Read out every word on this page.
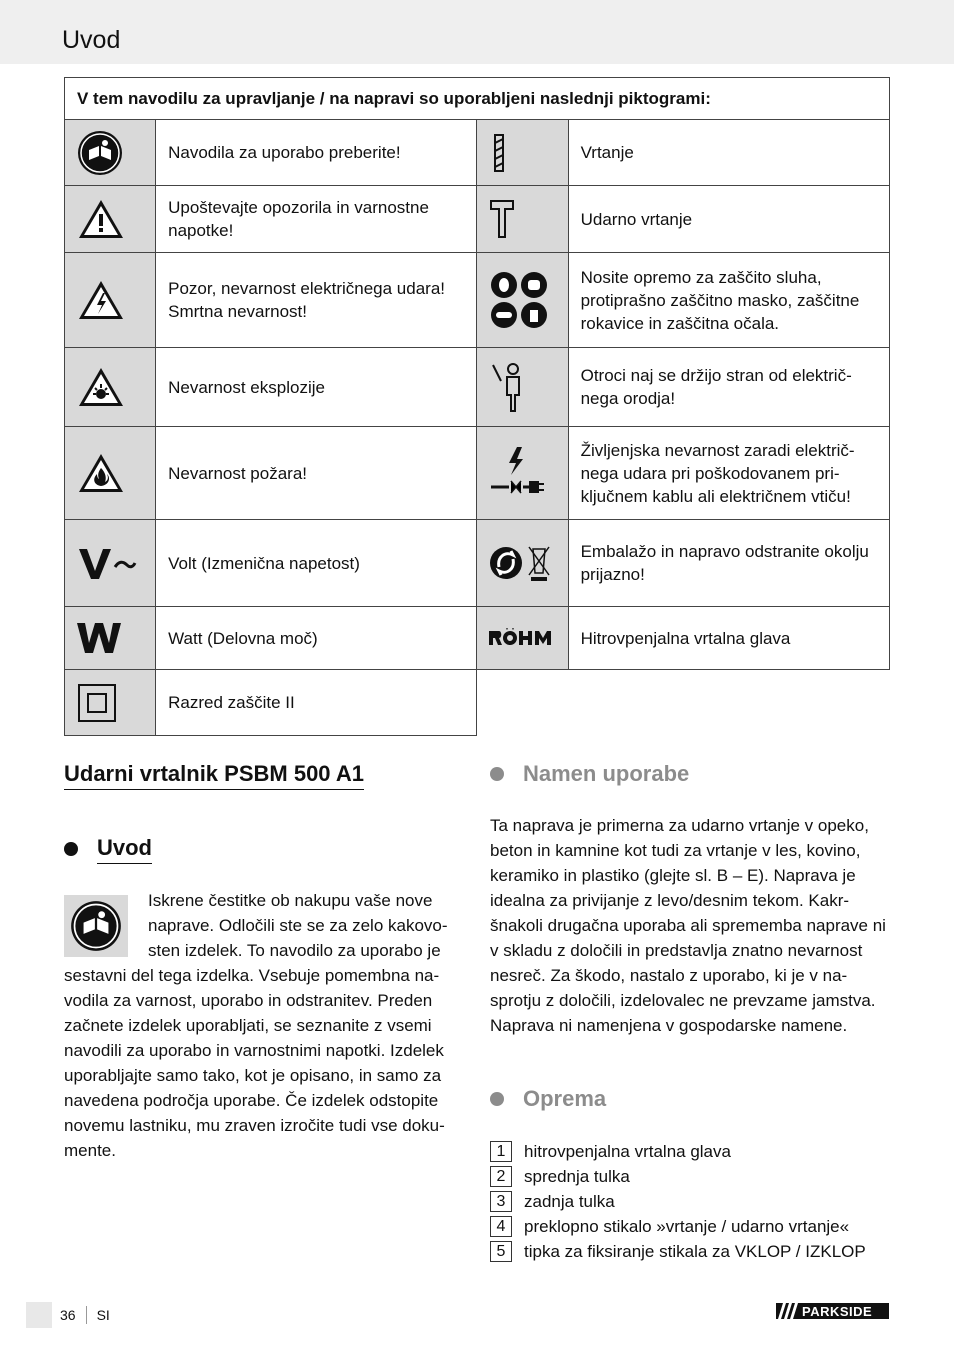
Uvod
V tem navodilu za upravljanje / na napravi so uporabljeni naslednji piktogrami:			

	Navodila za uporabo preberite!		Vrtanje

	Upoštevajte opozorila in varnostne napotke!		Udarno vrtanje

	Pozor, nevarnost električnega udara! Smrtna nevarnost!		Nosite opremo za zaščito sluha, protiprašno zaščitno masko, zaščitne rokavice in zaščitna očala.

	Nevarnost eksplozije		Otroci naj se držijo stran od električ-nega orodja!

	Nevarnost požara!		Življenjska nevarnost zaradi električ-nega udara pri poškodovanem pri-ključnem kablu ali električnem vtiču!

	Volt (Izmenična napetost)		Embalažo in napravo odstranite okolju prijazno!

	Watt (Delovna moč)		Hitrovpenjalna vrtalna glava

	Razred zaščite II		
Udarni vrtalnik PSBM 500 A1
Uvod
Iskrene čestitke ob nakupu vaše nove naprave. Odločili ste se za zelo kakovo-sten izdelek. To navodilo za uporabo je
sestavni del tega izdelka. Vsebuje pomembna na-vodila za varnost, uporabo in odstranitev. Preden začnete izdelek uporabljati, se seznanite z vsemi navodili za uporabo in varnostnimi napotki. Izdelek uporabljajte samo tako, kot je opisano, in samo za navedena področja uporabe. Če izdelek odstopite novemu lastniku, mu zraven izročite tudi vse doku-mente.
Namen uporabe
Ta naprava je primerna za udarno vrtanje v opeko, beton in kamnine kot tudi za vrtanje v les, kovino, keramiko in plastiko (glejte sl. B – E). Naprava je idealna za privijanje z levo/desnim tekom. Kakr-šnakoli drugačna uporaba ali sprememba naprave ni v skladu z določili in predstavlja znatno nevarnost nesreč. Za škodo, nastalo z uporabo, ki je v na-sprotju z določili, izdelovalec ne prevzame jamstva. Naprava ni namenjena v gospodarske namene.
Oprema
1	hitrovpenjalna vrtalna glava
2	sprednja tulka
3	zadnja tulka
4	preklopno stikalo »vrtanje / udarno vrtanje«
5	tipka za fiksiranje stikala za VKLOP / IZKLOP
36 SI	PARKSIDE
